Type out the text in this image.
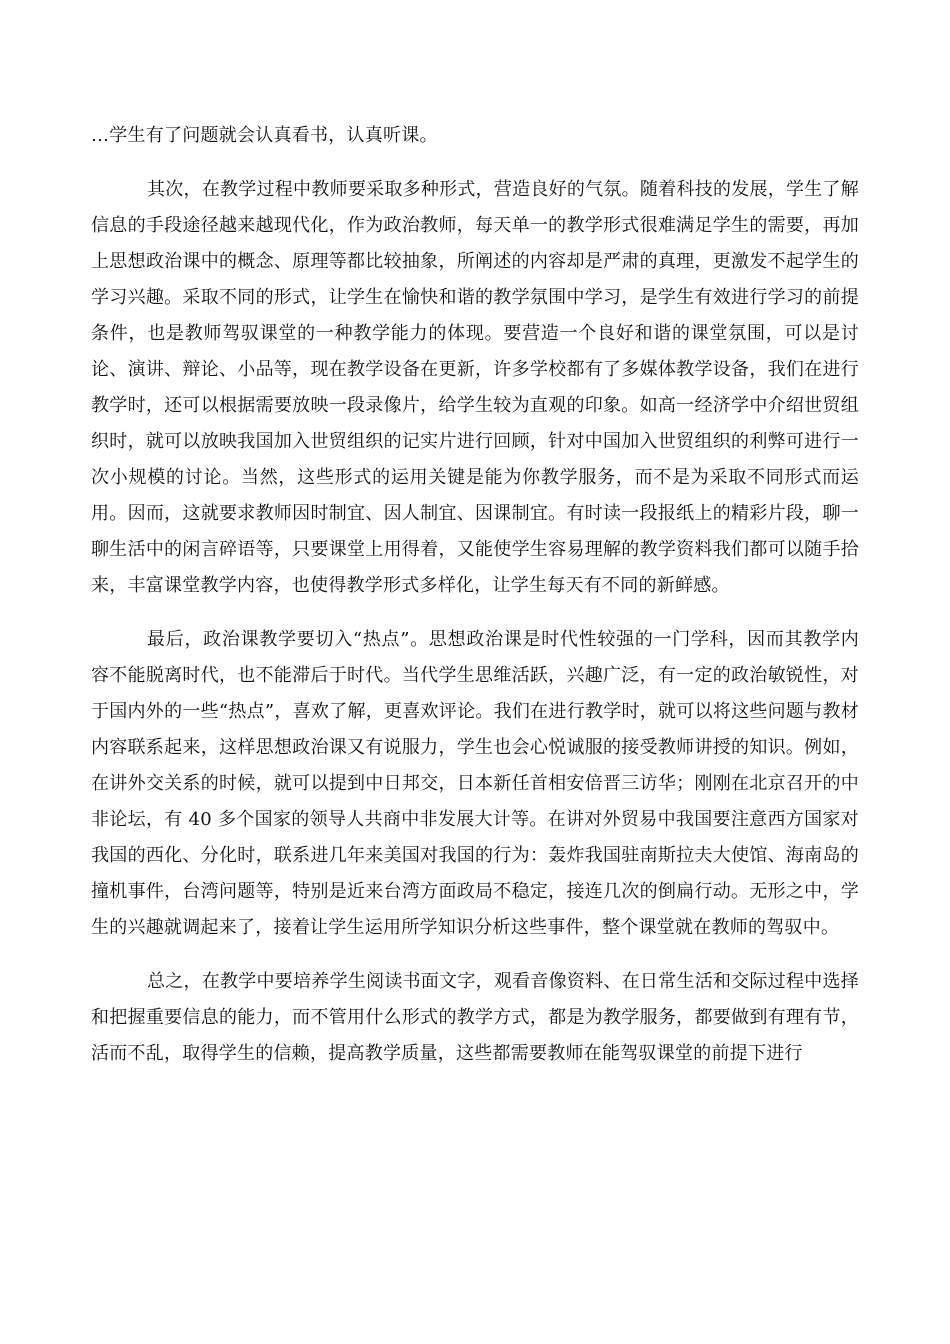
…学生有了问题就会认真看书，认真听课。

其次，在教学过程中教师要采取多种形式，营造良好的气氛。随着科技的发展，学生了解信息的手段途径越来越现代化，作为政治教师，每天单一的教学形式很难满足学生的需要，再加上思想政治课中的概念、原理等都比较抽象，所阐述的内容却是严肃的真理，更激发不起学生的学习兴趣。采取不同的形式，让学生在愉快和谐的教学氛围中学习，是学生有效进行学习的前提条件，也是教师驾驭课堂的一种教学能力的体现。要营造一个良好和谐的课堂氛围，可以是讨论、演讲、辩论、小品等，现在教学设备在更新，许多学校都有了多媒体教学设备，我们在进行教学时，还可以根据需要放映一段录像片，给学生较为直观的印象。如高一经济学中介绍世贸组织时，就可以放映我国加入世贸组织的记实片进行回顾，针对中国加入世贸组织的利弊可进行一次小规模的讨论。当然，这些形式的运用关键是能为你教学服务，而不是为采取不同形式而运用。因而，这就要求教师因时制宜、因人制宜、因课制宜。有时读一段报纸上的精彩片段，聊一聊生活中的闲言碎语等，只要课堂上用得着，又能使学生容易理解的教学资料我们都可以随手拾来，丰富课堂教学内容，也使得教学形式多样化，让学生每天有不同的新鲜感。

最后，政治课教学要切入“热点”。思想政治课是时代性较强的一门学科，因而其教学内容不能脱离时代，也不能滞后于时代。当代学生思维活跃，兴趣广泛，有一定的政治敏锐性，对于国内外的一些“热点”，喜欢了解，更喜欢评论。我们在进行教学时，就可以将这些问题与教材内容联系起来，这样思想政治课又有说服力，学生也会心悦诚服的接受教师讲授的知识。例如，在讲外交关系的时候，就可以提到中日邦交，日本新任首相安倍晋三访华；刚刚在北京召开的中非论坛，有 40 多个国家的领导人共商中非发展大计等。在讲对外贸易中我国要注意西方国家对我国的西化、分化时，联系进几年来美国对我国的行为：轰炸我国驻南斯拉夫大使馆、海南岛的撞机事件，台湾问题等，特别是近来台湾方面政局不稳定，接连几次的倒扁行动。无形之中，学生的兴趣就调起来了，接着让学生运用所学知识分析这些事件，整个课堂就在教师的驾驭中。

总之，在教学中要培养学生阅读书面文字，观看音像资料、在日常生活和交际过程中选择和把握重要信息的能力，而不管用什么形式的教学方式，都是为教学服务，都要做到有理有节，活而不乱，取得学生的信赖，提高教学质量，这些都需要教师在能驾驭课堂的前提下进行
